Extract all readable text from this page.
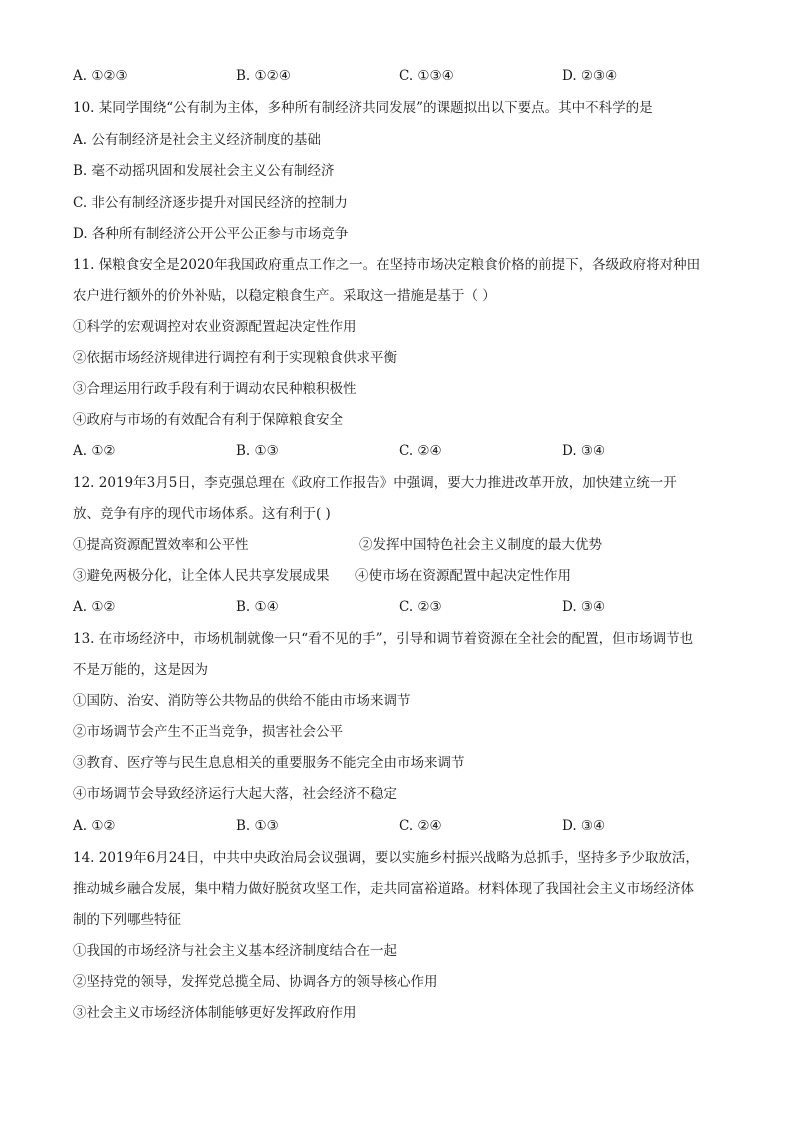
A. ①②③	B. ①②④	C. ①③④	D. ②③④
10. 某同学围绕“公有制为主体，多种所有制经济共同发展”的课题拟出以下要点。其中不科学的是
A. 公有制经济是社会主义经济制度的基础
B. 毫不动摇巩固和发展社会主义公有制经济
C. 非公有制经济逐步提升对国民经济的控制力
D. 各种所有制经济公开公平公正参与市场竞争
11. 保粮食安全是2020年我国政府重点工作之一。在坚持市场决定粮食价格的前提下，各级政府将对种田
农户进行额外的价外补贴，以稳定粮食生产。采取这一措施是基于（ ）
①科学的宏观调控对农业资源配置起决定性作用
②依据市场经济规律进行调控有利于实现粮食供求平衡
③合理运用行政手段有利于调动农民种粮积极性
④政府与市场的有效配合有利于保障粮食安全
A. ①②	B. ①③	C. ②④	D. ③④
12. 2019年3月5日，李克强总理在《政府工作报告》中强调，要大力推进改革开放，加快建立统一开
放、竞争有序的现代市场体系。这有利于( )
①提高资源配置效率和公平性	②发挥中国特色社会主义制度的最大优势
③避免两极分化，让全体人民共享发展成果 ④使市场在资源配置中起决定性作用
A. ①②	B. ①④	C. ②③	D. ③④
13. 在市场经济中，市场机制就像一只“看不见的手”，引导和调节着资源在全社会的配置，但市场调节也
不是万能的，这是因为
①国防、治安、消防等公共物品的供给不能由市场来调节
②市场调节会产生不正当竞争，损害社会公平
③教育、医疗等与民生息息相关的重要服务不能完全由市场来调节
④市场调节会导致经济运行大起大落，社会经济不稳定
A. ①②	B. ①③	C. ②④	D. ③④
14. 2019年6月24日，中共中央政治局会议强调，要以实施乡村振兴战略为总抓手，坚持多予少取放活，
推动城乡融合发展，集中精力做好脱贫攻坚工作，走共同富裕道路。材料体现了我国社会主义市场经济体
制的下列哪些特征
①我国的市场经济与社会主义基本经济制度结合在一起
②坚持党的领导，发挥党总揽全局、协调各方的领导核心作用
③社会主义市场经济体制能够更好发挥政府作用
